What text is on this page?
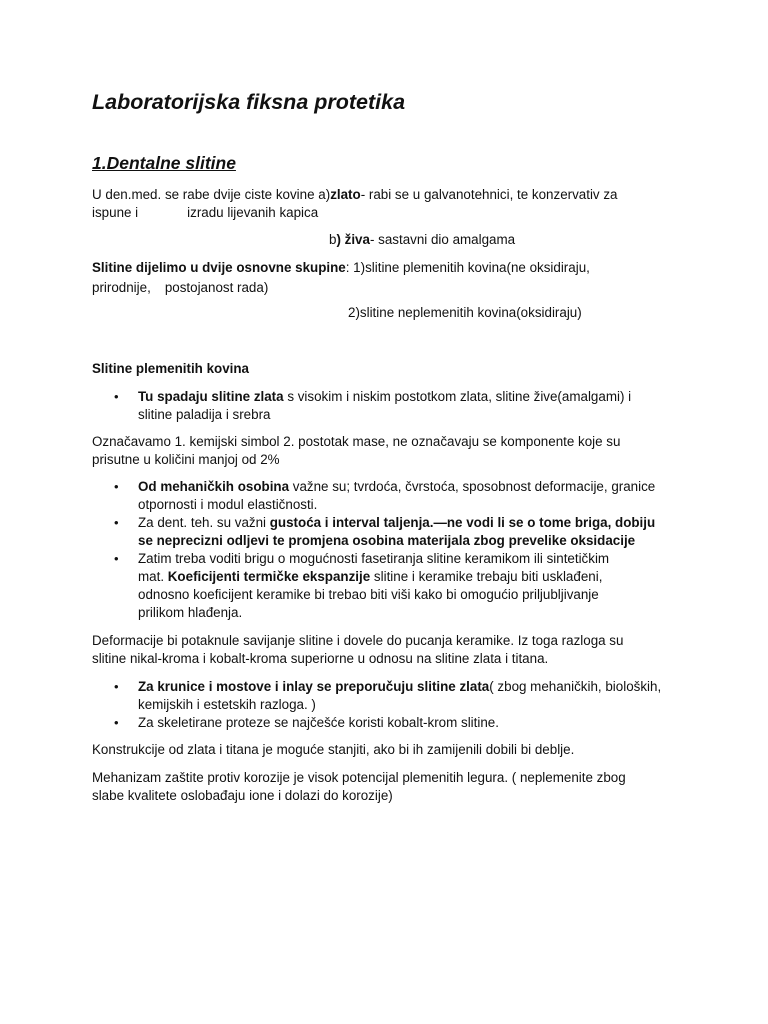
Laboratorijska fiksna protetika
1.Dentalne slitine

U den.med. se rabe dvije ciste kovine a)zlato- rabi se u galvanotehnici, te konzervativ za
ispune i	izradu lijevanih kapica

b) živa- sastavni dio amalgama

Slitine dijelimo u dvije osnovne skupine: 1)slitine plemenitih kovina(ne oksidiraju,
prirodnije, postojanost rada)

2)slitine neplemenitih kovina(oksidiraju)

Slitine plemenitih kovina

•	Tu spadaju slitine zlata s visokim i niskim postotkom zlata, slitine žive(amalgami) i
slitine paladija i srebra

Označavamo 1. kemijski simbol 2. postotak mase, ne označavaju se komponente koje su
prisutne u količini manjoj od 2%

•	Od mehaničkih osobina važne su; tvrdoća, čvrstoća, sposobnost deformacije, granice
otpornosti i modul elastičnosti.
•	Za dent. teh. su važni gustoća i interval taljenja.—ne vodi li se o tome briga, dobiju
se neprecizni odljevi te promjena osobina materijala zbog prevelike oksidacije
•	Zatim treba voditi brigu o mogućnosti fasetiranja slitine keramikom ili sintetičkim
mat. Koeficijenti termičke ekspanzije slitine i keramike trebaju biti usklađeni,
odnosno koeficijent keramike bi trebao biti viši kako bi omogućio priljubljivanje
prilikom hlađenja.

Deformacije bi potaknule savijanje slitine i dovele do pucanja keramike. Iz toga razloga su
slitine nikal-kroma i kobalt-kroma superiorne u odnosu na slitine zlata i titana.

•	Za krunice i mostove i inlay se preporučuju slitine zlata( zbog mehaničkih, bioloških,
kemijskih i estetskih razloga. )
•	Za skeletirane proteze se najčešće koristi kobalt-krom slitine.

Konstrukcije od zlata i titana je moguće stanjiti, ako bi ih zamijenili dobili bi deblje.

Mehanizam zaštite protiv korozije je visok potencijal plemenitih legura. ( neplemenite zbog
slabe kvalitete oslobađaju ione i dolazi do korozije)
